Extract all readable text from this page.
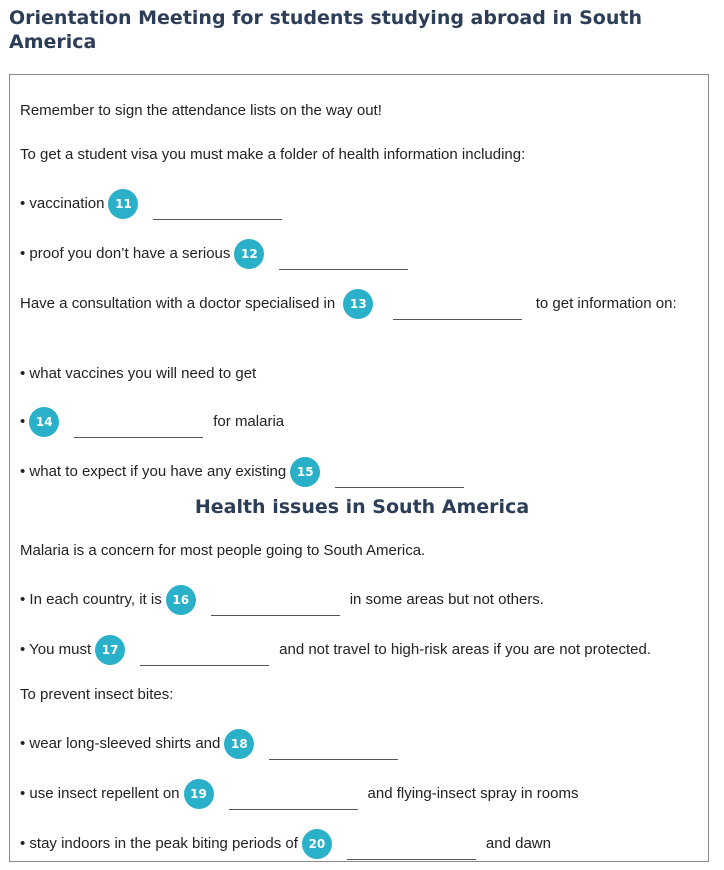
Orientation Meeting for students studying abroad in South America
Remember to sign the attendance lists on the way out!
To get a student visa you must make a folder of health information including:
• vaccination 11
• proof you don’t have a serious 12
Have a consultation with a doctor specialised in 13	to get information on:
• what vaccines you will need to get
• 14	for malaria
• what to expect if you have any existing 15
Health issues in South America
Malaria is a concern for most people going to South America.
• In each country, it is 16	in some areas but not others.
• You must 17	and not travel to high-risk areas if you are not protected.
To prevent insect bites:
• wear long-sleeved shirts and 18
• use insect repellent on 19	and flying-insect spray in rooms
• stay indoors in the peak biting periods of 20	and dawn
